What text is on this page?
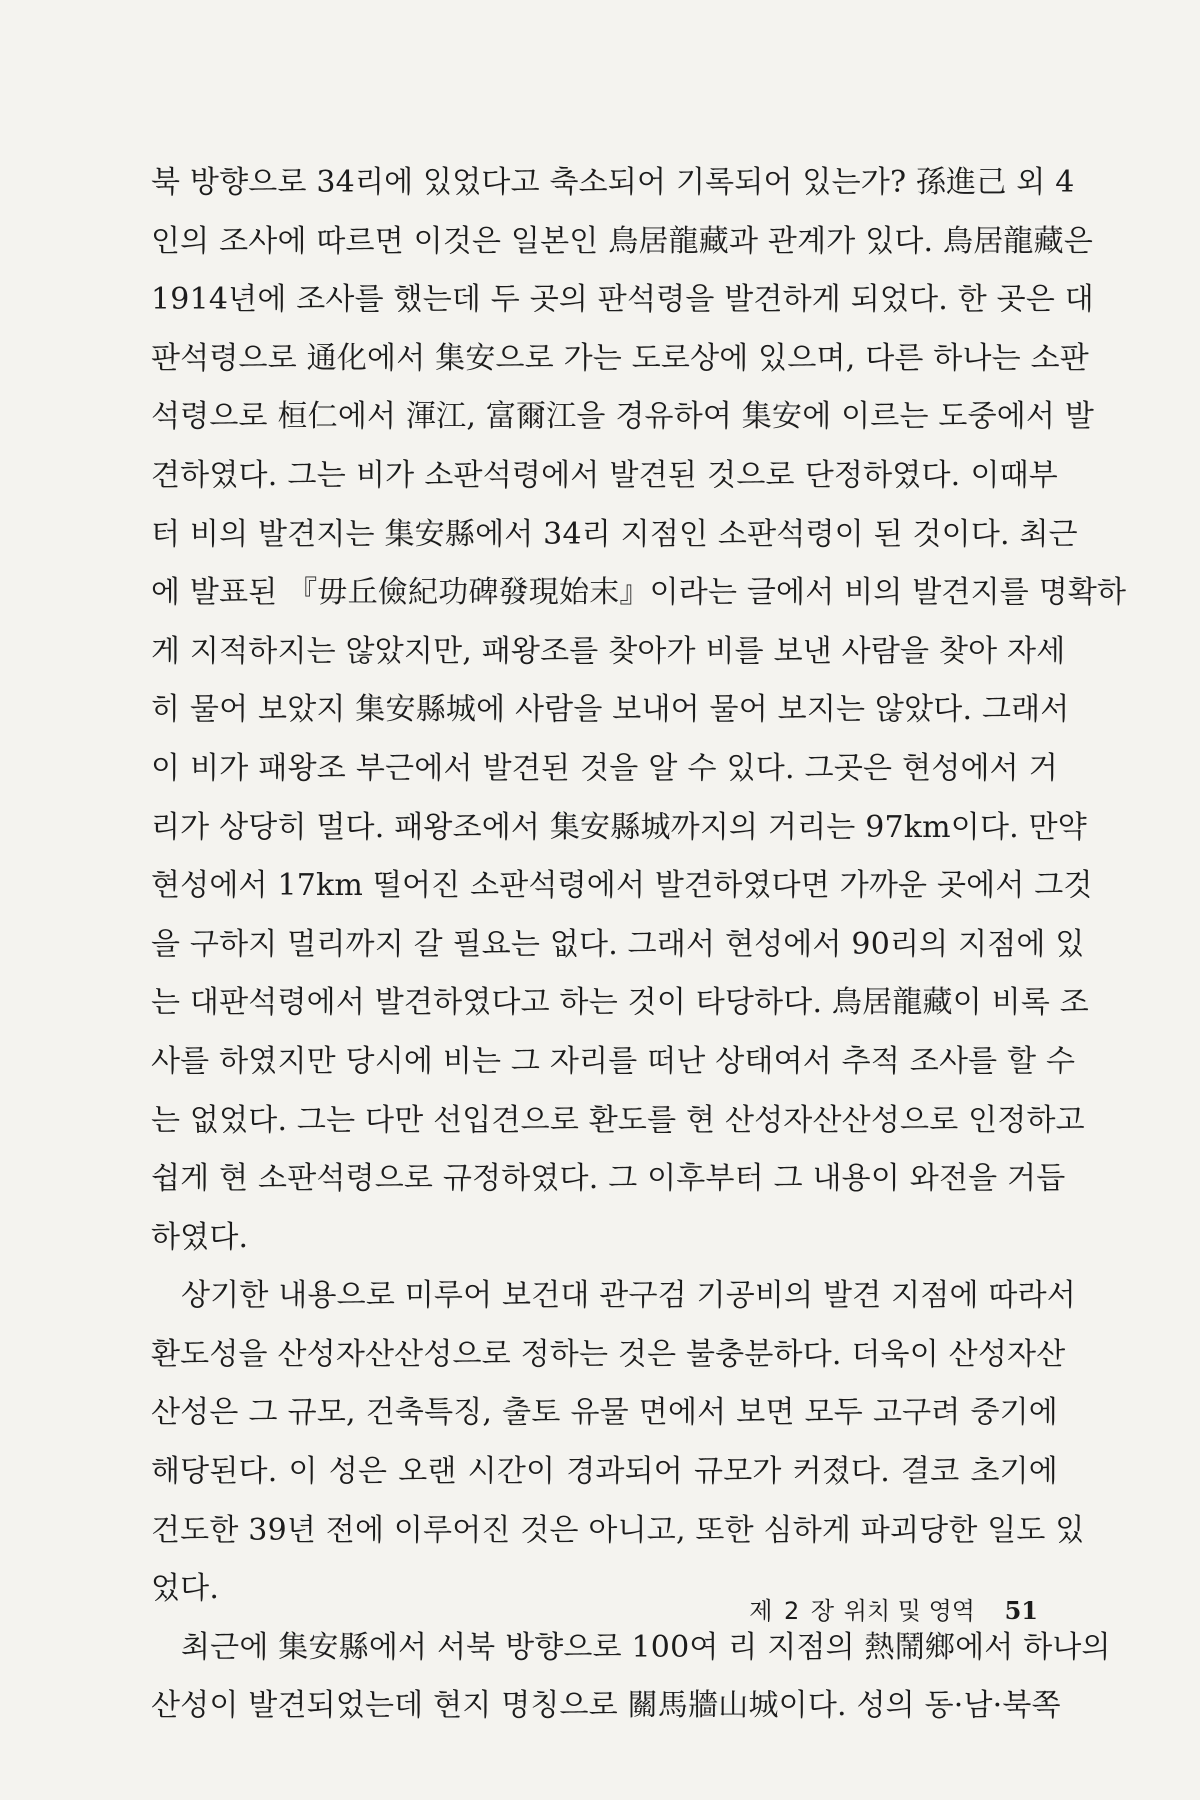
북 방향으로 34리에 있었다고 축소되어 기록되어 있는가? 孫進己 외 4
인의 조사에 따르면 이것은 일본인 鳥居龍藏과 관계가 있다. 鳥居龍藏은
1914년에 조사를 했는데 두 곳의 판석령을 발견하게 되었다. 한 곳은 대
판석령으로 通化에서 集安으로 가는 도로상에 있으며, 다른 하나는 소판
석령으로 桓仁에서 渾江, 富爾江을 경유하여 集安에 이르는 도중에서 발
견하였다. 그는 비가 소판석령에서 발견된 것으로 단정하였다. 이때부
터 비의 발견지는 集安縣에서 34리 지점인 소판석령이 된 것이다. 최근
에 발표된 『毋丘儉紀功碑發現始末』이라는 글에서 비의 발견지를 명확하
게 지적하지는 않았지만, 패왕조를 찾아가 비를 보낸 사람을 찾아 자세
히 물어 보았지 集安縣城에 사람을 보내어 물어 보지는 않았다. 그래서
이 비가 패왕조 부근에서 발견된 것을 알 수 있다. 그곳은 현성에서 거
리가 상당히 멀다. 패왕조에서 集安縣城까지의 거리는 97km이다. 만약
현성에서 17km 떨어진 소판석령에서 발견하였다면 가까운 곳에서 그것
을 구하지 멀리까지 갈 필요는 없다. 그래서 현성에서 90리의 지점에 있
는 대판석령에서 발견하였다고 하는 것이 타당하다. 鳥居龍藏이 비록 조
사를 하였지만 당시에 비는 그 자리를 떠난 상태여서 추적 조사를 할 수
는 없었다. 그는 다만 선입견으로 환도를 현 산성자산산성으로 인정하고
쉽게 현 소판석령으로 규정하였다. 그 이후부터 그 내용이 와전을 거듭
하였다.
상기한 내용으로 미루어 보건대 관구검 기공비의 발견 지점에 따라서
환도성을 산성자산산성으로 정하는 것은 불충분하다. 더욱이 산성자산
산성은 그 규모, 건축특징, 출토 유물 면에서 보면 모두 고구려 중기에
해당된다. 이 성은 오랜 시간이 경과되어 규모가 커졌다. 결코 초기에
건도한 39년 전에 이루어진 것은 아니고, 또한 심하게 파괴당한 일도 있
었다.
최근에 集安縣에서 서북 방향으로 100여 리 지점의 熱鬧鄉에서 하나의
산성이 발견되었는데 현지 명칭으로 關馬牆山城이다. 성의 동·남·북쪽
제 2 장 위치 및 영역 51
